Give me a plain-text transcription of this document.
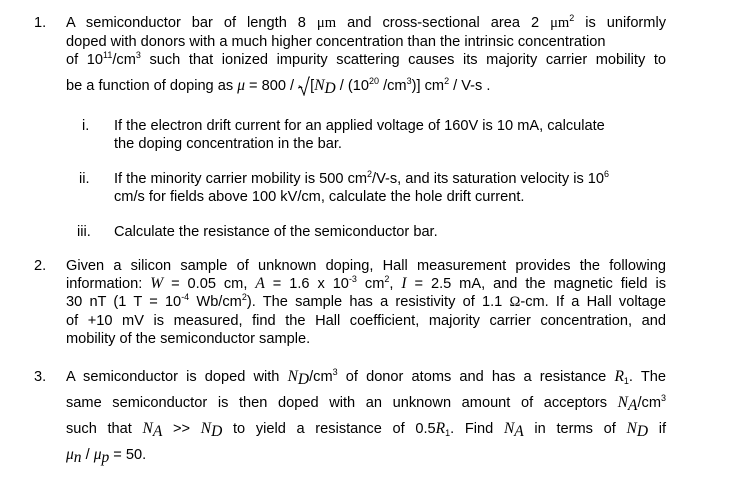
1. A semiconductor bar of length 8 μm and cross-sectional area 2 $\mu m^2$ is uniformly
doped with donors with a much higher concentration than the intrinsic concentration
of $10^{11}/cm^3$ such that ionized impurity scattering causes its majority carrier mobility to
be a function of doping as μ = 800 /
[$N_D / (10^{20}$ $/cm^3$)] $cm^2 / V-s$ .
i. If the electron drift current for an applied voltage of 160V is 10 mA, calculate
the doping concentration in the bar.
ii. If the minority carrier mobility is 500 $cm^2/V-s$, and its saturation velocity is $10^6$
cm/s for fields above 100 kV/cm, calculate the hole drift current.
iii. Calculate the resistance of the semiconductor bar.
2. Given a silicon sample of unknown doping, Hall measurement provides the following
information: W = 0.05 cm, A = 1.6 x $10^{-3}$ $cm^2$, I = 2.5 mA, and the magnetic field is
30 nT (1 $T = 10^{-4}$ $Wb/cm^2$). The sample has a resistivity of 1.1 Ω-cm. If a Hall voltage
of +10 mV is measured, find the Hall coefficient, majority carrier concentration, and
mobility of the semiconductor sample.
3. A semiconductor is doped with $N_D/cm^3$ of donor atoms and has a resistance $R_1$. The
same semiconductor is then doped with an unknown amount of acceptors $N_A/cm^3$
such that $N_A >> N_D$ to yield a resistance of $0.5R_1$. Find $N_A$ in terms of $N_D$ if
$\mu_n / \mu_p = 50$.
